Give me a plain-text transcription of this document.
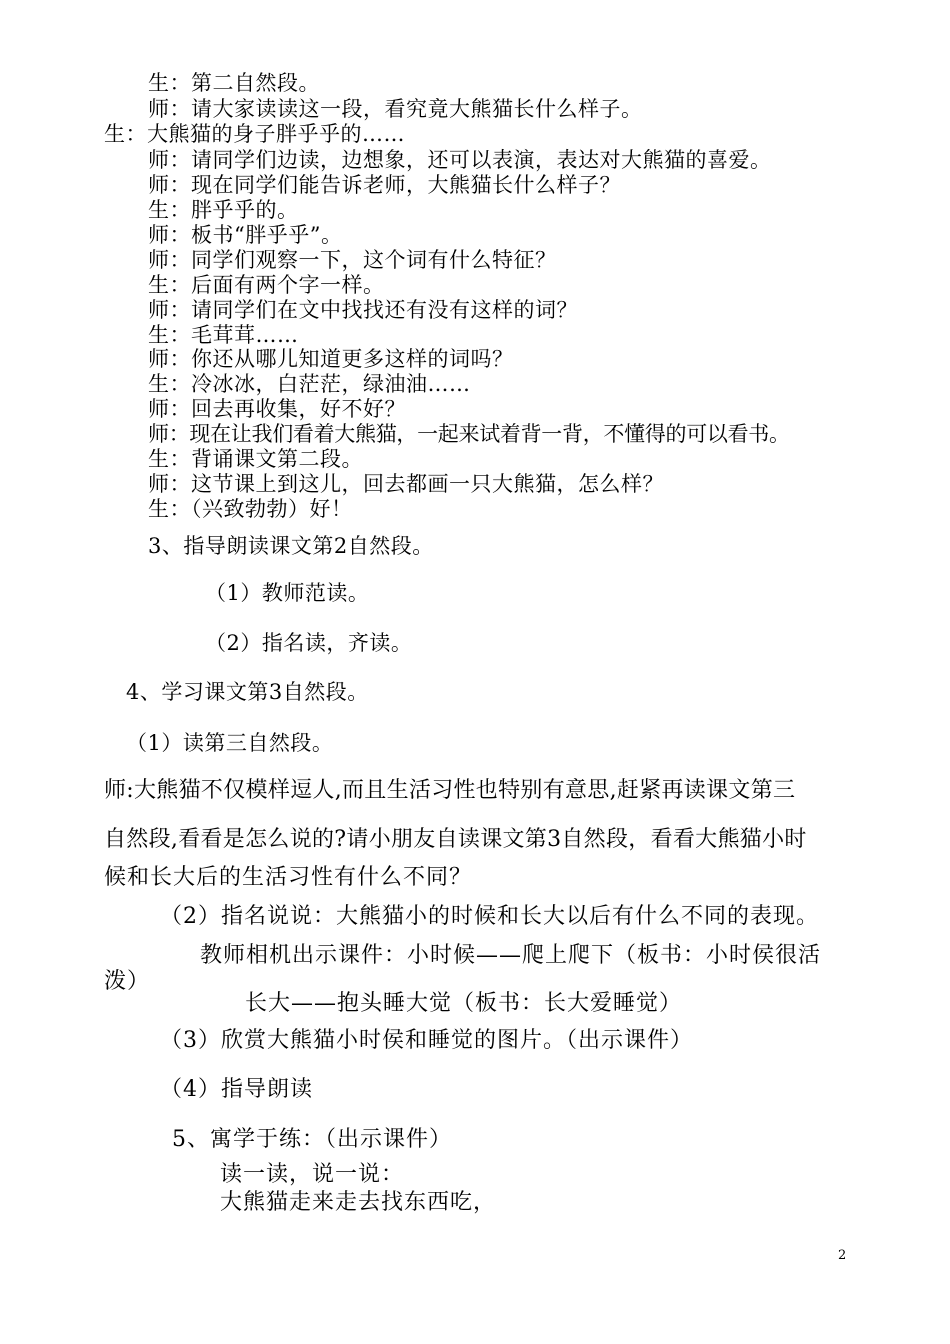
生：第二自然段。
师：请大家读读这一段，看究竟大熊猫长什么样子。
生：大熊猫的身子胖乎乎的……
师：请同学们边读，边想象，还可以表演，表达对大熊猫的喜爱。
师：现在同学们能告诉老师，大熊猫长什么样子？
生：胖乎乎的。
师：板书“胖乎乎”。
师：同学们观察一下，这个词有什么特征？
生：后面有两个字一样。
师：请同学们在文中找找还有没有这样的词？
生：毛茸茸……
师：你还从哪儿知道更多这样的词吗？
生：冷冰冰，白茫茫，绿油油……
师：回去再收集，好不好？
师：现在让我们看着大熊猫，一起来试着背一背，不懂得的可以看书。
生：背诵课文第二段。
师：这节课上到这儿，回去都画一只大熊猫，怎么样？
生：（兴致勃勃）好！
3、指导朗读课文第2自然段。
（1）教师范读。
（2）指名读，齐读。
4、学习课文第3自然段。
（1）读第三自然段。
师:大熊猫不仅模样逗人,而且生活习性也特别有意思,赶紧再读课文第三
自然段,看看是怎么说的?请小朋友自读课文第3自然段，看看大熊猫小时
候和长大后的生活习性有什么不同？
（2）指名说说：大熊猫小的时候和长大以后有什么不同的表现。
教师相机出示课件：小时候——爬上爬下（板书：小时侯很活
泼）
长大——抱头睡大觉（板书：长大爱睡觉）
（3）欣赏大熊猫小时侯和睡觉的图片。（出示课件）
（4）指导朗读
5、寓学于练：（出示课件）
读一读，说一说：
大熊猫走来走去找东西吃，
2
